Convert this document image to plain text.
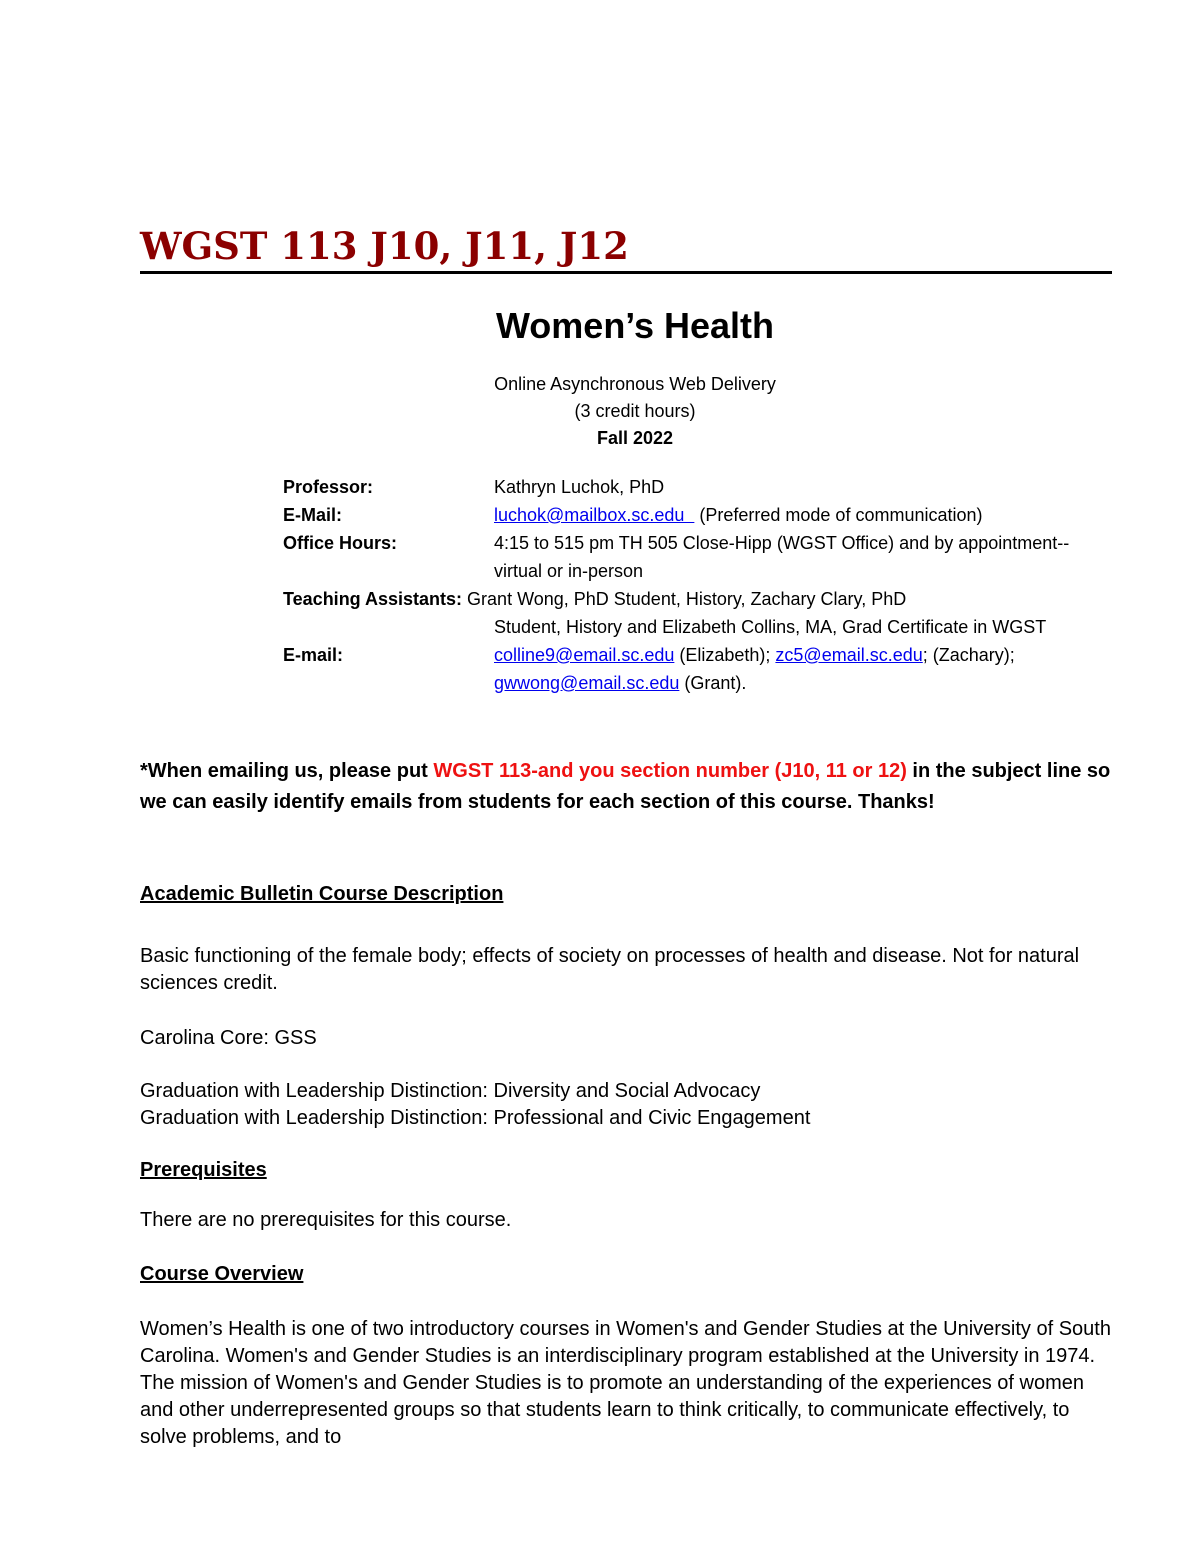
WGST 113 J10, J11, J12
Women’s Health
Online Asynchronous Web Delivery
(3 credit hours)
Fall 2022
Professor:	Kathryn Luchok, PhD
E-Mail:	luchok@mailbox.sc.edu   (Preferred mode of communication)
Office Hours:	4:15 to 515 pm TH 505 Close-Hipp (WGST Office) and by appointment--virtual or in-person
Teaching Assistants: Grant Wong, PhD Student, History, Zachary Clary, PhD
Student, History and Elizabeth Collins, MA, Grad Certificate in WGST
E-mail:	colline9@email.sc.edu (Elizabeth); zc5@email.sc.edu; (Zachary); gwwong@email.sc.edu (Grant).
*When emailing us, please put WGST 113-and you section number (J10, 11 or 12) in the subject line so we can easily identify emails from students for each section of this course. Thanks!
Academic Bulletin Course Description

Basic functioning of the female body; effects of society on processes of health and disease. Not for natural sciences credit.

Carolina Core: GSS

Graduation with Leadership Distinction: Diversity and Social Advocacy

Graduation with Leadership Distinction: Professional and Civic Engagement

Prerequisites

There are no prerequisites for this course.

Course Overview

Women’s Health is one of two introductory courses in Women's and Gender Studies at the University of South Carolina. Women's and Gender Studies is an interdisciplinary program established at the University in 1974. The mission of Women's and Gender Studies is to promote an understanding of the experiences of women and other underrepresented groups so that students learn to think critically, to communicate effectively, to solve problems, and to
